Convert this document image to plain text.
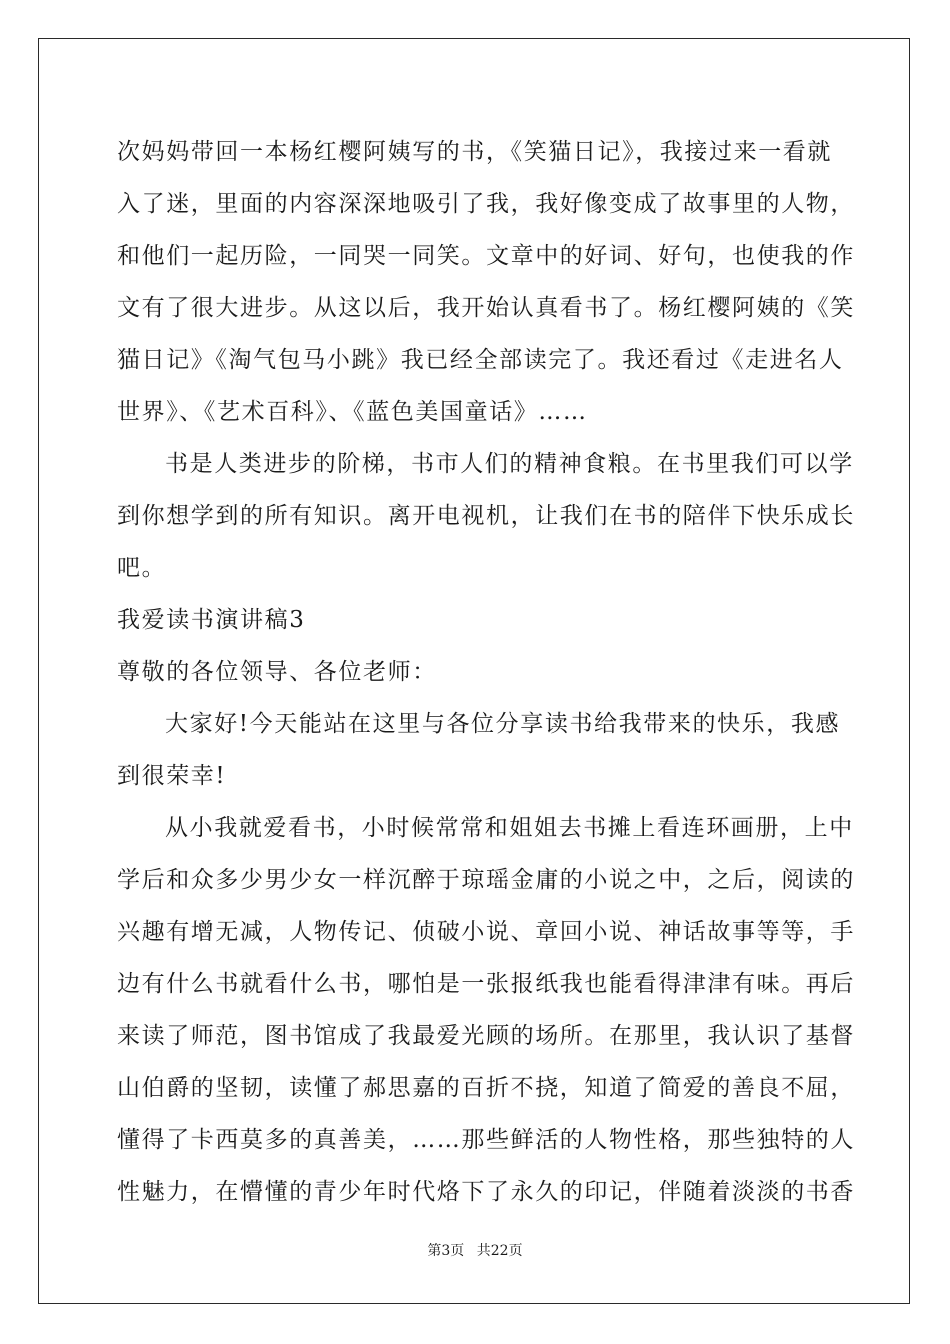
次妈妈带回一本杨红樱阿姨写的书，《笑猫日记》，我接过来一看就
入了迷，里面的内容深深地吸引了我，我好像变成了故事里的人物，
和他们一起历险，一同哭一同笑。文章中的好词、好句，也使我的作
文有了很大进步。从这以后，我开始认真看书了。杨红樱阿姨的《笑
猫日记》《淘气包马小跳》我已经全部读完了。我还看过《走进名人
世界》、《艺术百科》、《蓝色美国童话》……
书是人类进步的阶梯，书市人们的精神食粮。在书里我们可以学
到你想学到的所有知识。离开电视机，让我们在书的陪伴下快乐成长
吧。
我爱读书演讲稿3
尊敬的各位领导、各位老师：
大家好!今天能站在这里与各位分享读书给我带来的快乐，我感
到很荣幸!
从小我就爱看书，小时候常常和姐姐去书摊上看连环画册，上中
学后和众多少男少女一样沉醉于琼瑶金庸的小说之中，之后，阅读的
兴趣有增无减，人物传记、侦破小说、章回小说、神话故事等等，手
边有什么书就看什么书，哪怕是一张报纸我也能看得津津有味。再后
来读了师范，图书馆成了我最爱光顾的场所。在那里，我认识了基督
山伯爵的坚韧，读懂了郝思嘉的百折不挠，知道了简爱的善良不屈，
懂得了卡西莫多的真善美，……那些鲜活的人物性格，那些独特的人
性魅力，在懵懂的青少年时代烙下了永久的印记，伴随着淡淡的书香
第3页 共22页
